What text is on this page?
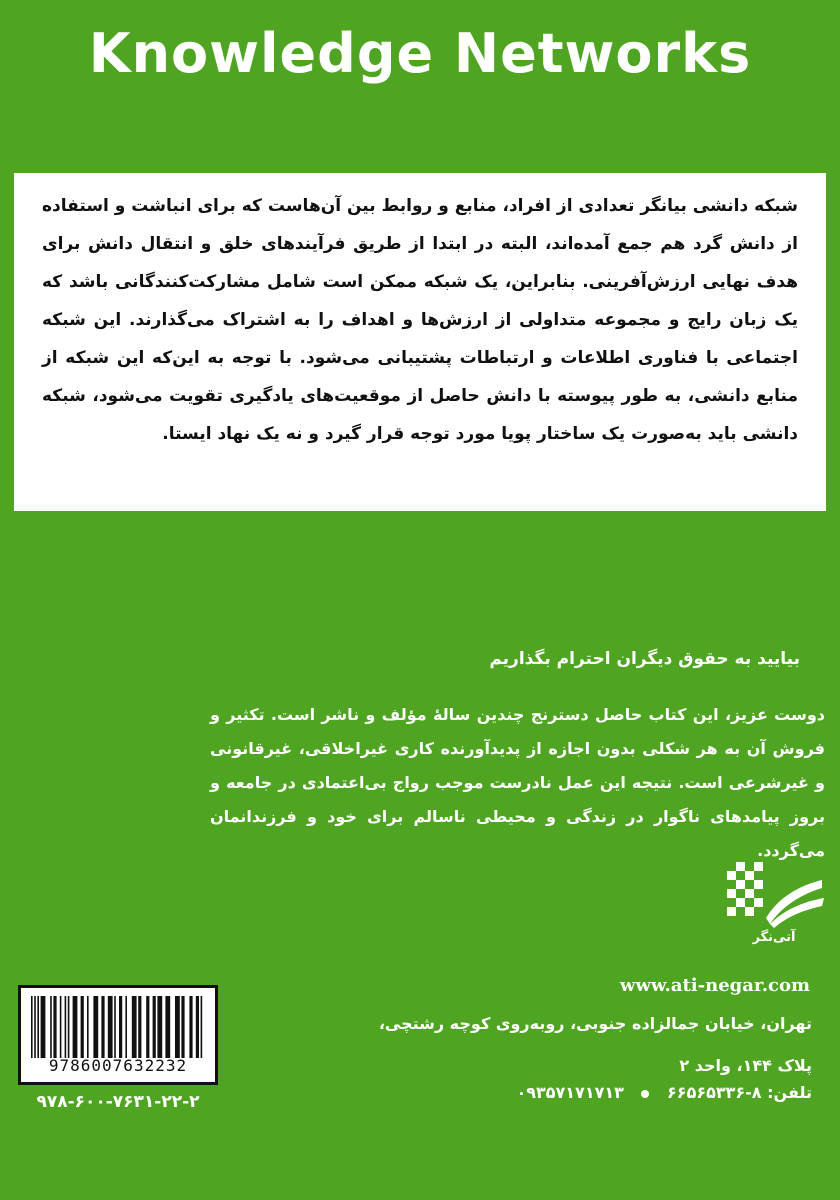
Knowledge Networks

شبکه دانشی بیانگر تعدادی از افراد، منابع و روابط بین آن‌هاست که برای انباشت و استفاده از دانش گرد هم جمع آمده‌اند، البته در ابتدا از طریق فرآیندهای خلق و انتقال دانش برای هدف نهایی ارزش‌آفرینی. بنابراین، یک شبکه ممکن است شامل مشارکت‌کنندگانی باشد که یک زبان رایج و مجموعه متداولی از ارزش‌ها و اهداف را به اشتراک می‌گذارند. این شبکه اجتماعی با فناوری اطلاعات و ارتباطات پشتیبانی می‌شود. با توجه به این‌که این شبکه از منابع دانشی، به طور پیوسته با دانش حاصل از موقعیت‌های یادگیری تقویت می‌شود، شبکه دانشی باید به‌صورت یک ساختار پویا مورد توجه قرار گیرد و نه یک نهاد ایستا.

بیایید به حقوق دیگران احترام بگذاریم

دوست عزیز، این کتاب حاصل دسترنج چندین سالهٔ مؤلف و ناشر است. تکثیر و فروش آن به هر شکلی بدون اجازه از پدیدآورنده کاری غیراخلاقی، غیرقانونی و غیرشرعی است. نتیجه این عمل نادرست موجب رواج بی‌اعتمادی در جامعه و بروز پیامدهای ناگوار در زندگی و محیطی ناسالم برای خود و فرزندانمان می‌گردد.

آتی‌نگر
www.ati-negar.com
تهران، خیابان جمالزاده جنوبی، روبه‌روی کوچه رشتچی،
پلاک ۱۴۴، واحد ۲
تلفن: ۸-۶۶۵۶۵۳۳۶  ۰۹۳۵۷۱۷۱۷۱۳
9786007632232
۹۷۸-۶۰۰-۷۶۳۱-۲۲-۲
